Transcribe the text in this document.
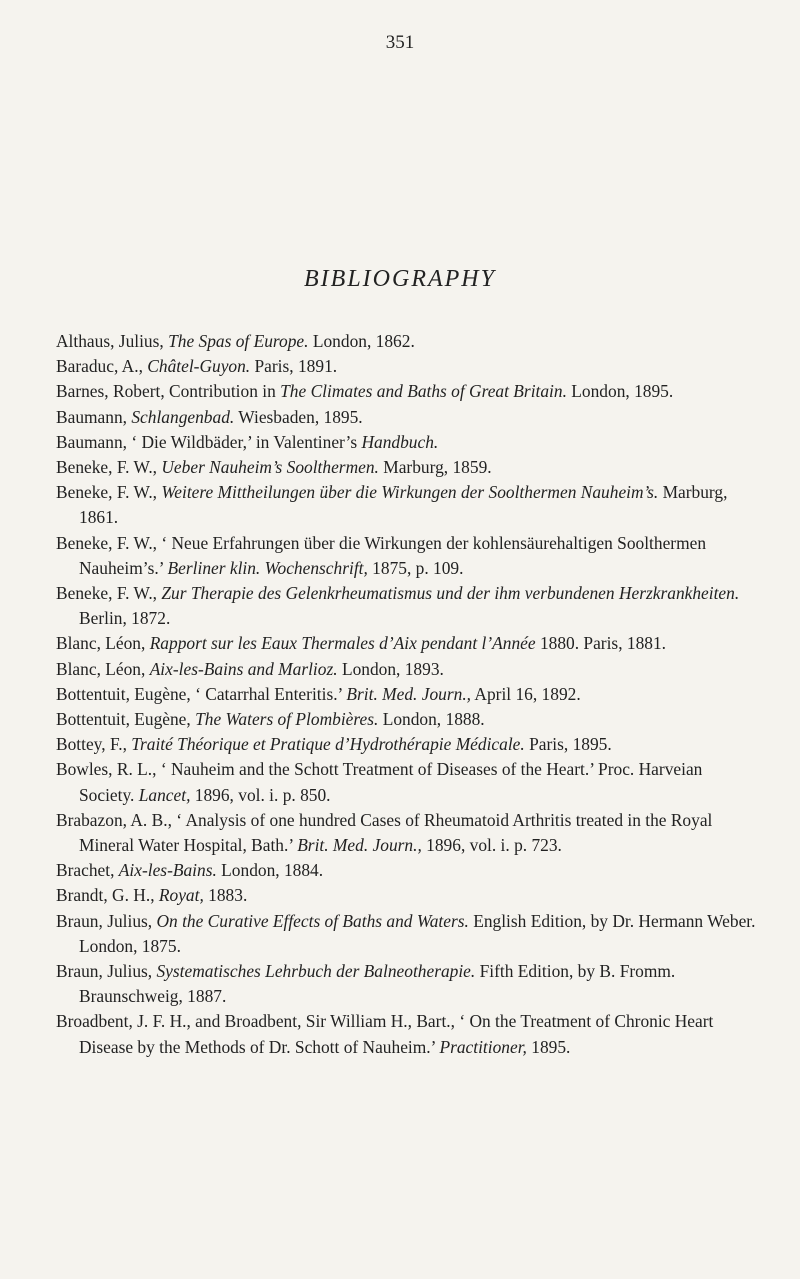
351
BIBLIOGRAPHY
Althaus, Julius, The Spas of Europe. London, 1862.
Baraduc, A., Châtel-Guyon. Paris, 1891.
Barnes, Robert, Contribution in The Climates and Baths of Great Britain. London, 1895.
Baumann, Schlangenbad. Wiesbaden, 1895.
Baumann, ‘ Die Wildbäder,’ in Valentiner’s Handbuch.
Beneke, F. W., Ueber Nauheim’s Soolthermen. Marburg, 1859.
Beneke, F. W., Weitere Mittheilungen über die Wirkungen der Soolthermen Nauheim’s. Marburg, 1861.
Beneke, F. W., ‘ Neue Erfahrungen über die Wirkungen der kohlensäurehaltigen Soolthermen Nauheim’s.’ Berliner klin. Wochenschrift, 1875, p. 109.
Beneke, F. W., Zur Therapie des Gelenkrheumatismus und der ihm verbundenen Herzkrankheiten. Berlin, 1872.
Blanc, Léon, Rapport sur les Eaux Thermales d’Aix pendant l’Année 1880. Paris, 1881.
Blanc, Léon, Aix-les-Bains and Marlioz. London, 1893.
Bottentuit, Eugène, ‘ Catarrhal Enteritis.’ Brit. Med. Journ., April 16, 1892.
Bottentuit, Eugène, The Waters of Plombières. London, 1888.
Bottey, F., Traité Théorique et Pratique d’Hydrothérapie Médicale. Paris, 1895.
Bowles, R. L., ‘ Nauheim and the Schott Treatment of Diseases of the Heart.’ Proc. Harveian Society. Lancet, 1896, vol. i. p. 850.
Brabazon, A. B., ‘ Analysis of one hundred Cases of Rheumatoid Arthritis treated in the Royal Mineral Water Hospital, Bath.’ Brit. Med. Journ., 1896, vol. i. p. 723.
Brachet, Aix-les-Bains. London, 1884.
Brandt, G. H., Royat, 1883.
Braun, Julius, On the Curative Effects of Baths and Waters. English Edition, by Dr. Hermann Weber. London, 1875.
Braun, Julius, Systematisches Lehrbuch der Balneotherapie. Fifth Edition, by B. Fromm. Braunschweig, 1887.
Broadbent, J. F. H., and Broadbent, Sir William H., Bart., ‘ On the Treatment of Chronic Heart Disease by the Methods of Dr. Schott of Nauheim.’ Practitioner, 1895.
